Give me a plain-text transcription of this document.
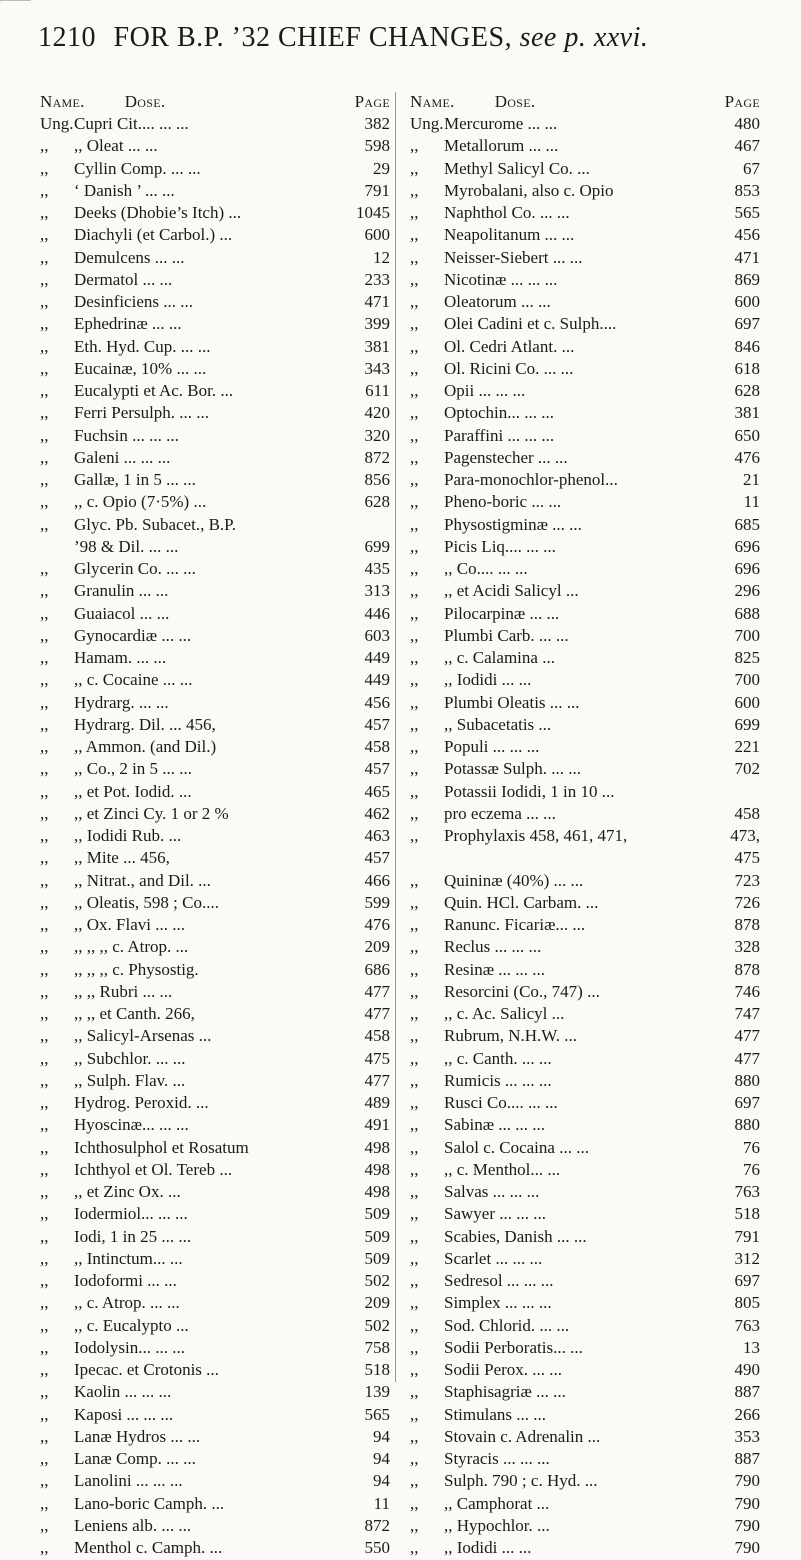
1210 FOR B.P. ’32 CHIEF CHANGES, see p. xxvi.
Name. Dose.	Page
Ung. Cupri Cit.... ... ...	382
,,	,, Oleat ... ...	598
,,	Cyllin Comp. ... ...	29
,,	‘ Danish ’ ... ...	791
,,	Deeks (Dhobie’s Itch) ...	1045
,,	Diachyli (et Carbol.) ...	600
,,	Demulcens ... ...	12
,,	Dermatol ... ...	233
,,	Desinficiens ... ...	471
,,	Ephedrinæ ... ...	399
,,	Eth. Hyd. Cup. ... ...	381
,,	Eucainæ, 10% ... ...	343
,,	Eucalypti et Ac. Bor. ...	611
,,	Ferri Persulph. ... ...	420
,,	Fuchsin ... ... ...	320
,,	Galeni ... ... ...	872
,,	Gallæ, 1 in 5 ... ...	856
,,	,, c. Opio (7·5%) ...	628
,,	Glyc. Pb. Subacet., B.P.
’98 & Dil. ... ...	699
,,	Glycerin Co. ... ...	435
,,	Granulin ... ...	313
,,	Guaiacol ... ...	446
,,	Gynocardiæ ... ...	603
,,	Hamam. ... ...	449
,,	,, c. Cocaine ... ...	449
,,	Hydrarg. ... ...	456
,,	Hydrarg. Dil. ... 456,	457
,,	,, Ammon. (and Dil.)	458
,,	,, Co., 2 in 5 ... ...	457
,,	,, et Pot. Iodid. ...	465
,,	,, et Zinci Cy. 1 or 2 %	462
,,	,, Iodidi Rub. ...	463
,,	,, Mite ... 456,	457
,,	,, Nitrat., and Dil. ...	466
,,	,, Oleatis, 598 ; Co....	599
,,	,, Ox. Flavi ... ...	476
,,	,, ,, ,, c. Atrop. ...	209
,,	,, ,, ,, c. Physostig.	686
,,	,, ,, Rubri ... ...	477
,,	,, ,, et Canth. 266,	477
,,	,, Salicyl-Arsenas ...	458
,,	,, Subchlor. ... ...	475
,,	,, Sulph. Flav. ...	477
,,	Hydrog. Peroxid. ...	489
,,	Hyoscinæ... ... ...	491
,,	Ichthosulphol et Rosatum	498
,,	Ichthyol et Ol. Tereb ...	498
,,	,, et Zinc Ox. ...	498
,,	Iodermiol... ... ...	509
,,	Iodi, 1 in 25 ... ...	509
,,	,, Intinctum... ...	509
,,	Iodoformi ... ...	502
,,	,, c. Atrop. ... ...	209
,,	,, c. Eucalypto ...	502
,,	Iodolysin... ... ...	758
,,	Ipecac. et Crotonis ...	518
,,	Kaolin ... ... ...	139
,,	Kaposi ... ... ...	565
,,	Lanæ Hydros ... ...	94
,,	Lanæ Comp. ... ...	94
,,	Lanolini ... ... ...	94
,,	Lano-boric Camph. ...	11
,,	Leniens alb. ... ...	872
,,	Menthol c. Camph. ...	550
Name. Dose.	Page
Ung. Mercurome ... ...	480
,,	Metallorum ... ...	467
,,	Methyl Salicyl Co. ...	67
,,	Myrobalani, also c. Opio	853
,,	Naphthol Co. ... ...	565
,,	Neapolitanum ... ...	456
,,	Neisser-Siebert ... ...	471
,,	Nicotinæ ... ... ...	869
,,	Oleatorum ... ...	600
,,	Olei Cadini et c. Sulph....	697
,,	Ol. Cedri Atlant. ...	846
,,	Ol. Ricini Co. ... ...	618
,,	Opii ... ... ...	628
,,	Optochin... ... ...	381
,,	Paraffini ... ... ...	650
,,	Pagenstecher ... ...	476
,,	Para-monochlor-phenol...	21
,,	Pheno-boric ... ...	11
,,	Physostigminæ ... ...	685
,,	Picis Liq.... ... ...	696
,,	,, Co.... ... ...	696
,,	,, et Acidi Salicyl ...	296
,,	Pilocarpinæ ... ...	688
,,	Plumbi Carb. ... ...	700
,,	,, c. Calamina ...	825
,,	,, Iodidi ... ...	700
,,	Plumbi Oleatis ... ...	600
,,	,, Subacetatis ...	699
,,	Populi ... ... ...	221
,,	Potassæ Sulph. ... ...	702
,,	Potassii Iodidi, 1 in 10 ...
,,	pro eczema ... ...	458
,,	Prophylaxis 458, 461, 471,	473,
475
,,	Quininæ (40%) ... ...	723
,,	Quin. HCl. Carbam. ...	726
,,	Ranunc. Ficariæ... ...	878
,,	Reclus ... ... ...	328
,,	Resinæ ... ... ...	878
,,	Resorcini (Co., 747) ...	746
,,	,, c. Ac. Salicyl ...	747
,,	Rubrum, N.H.W. ...	477
,,	,, c. Canth. ... ...	477
,,	Rumicis ... ... ...	880
,,	Rusci Co.... ... ...	697
,,	Sabinæ ... ... ...	880
,,	Salol c. Cocaina ... ...	76
,,	,, c. Menthol... ...	76
,,	Salvas ... ... ...	763
,,	Sawyer ... ... ...	518
,,	Scabies, Danish ... ...	791
,,	Scarlet ... ... ...	312
,,	Sedresol ... ... ...	697
,,	Simplex ... ... ...	805
,,	Sod. Chlorid. ... ...	763
,,	Sodii Perboratis... ...	13
,,	Sodii Perox. ... ...	490
,,	Staphisagriæ ... ...	887
,,	Stimulans ... ...	266
,,	Stovain c. Adrenalin ...	353
,,	Styracis ... ... ...	887
,,	Sulph. 790 ; c. Hyd. ...	790
,,	,, Camphorat ...	790
,,	,, Hypochlor. ...	790
,,	,, Iodidi ... ...	790
